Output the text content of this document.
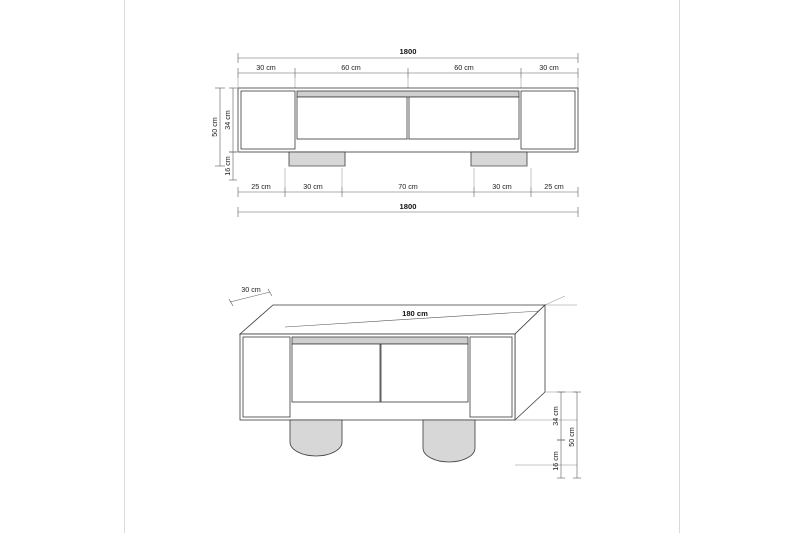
1800
30 cm	60 cm	60 cm	30 cm
50 cm 34 cm
16 cm
25 cm	30 cm	70 cm	30 cm	25 cm
1800
30 cm
180 cm
34 cm
16 cm
50 cm
